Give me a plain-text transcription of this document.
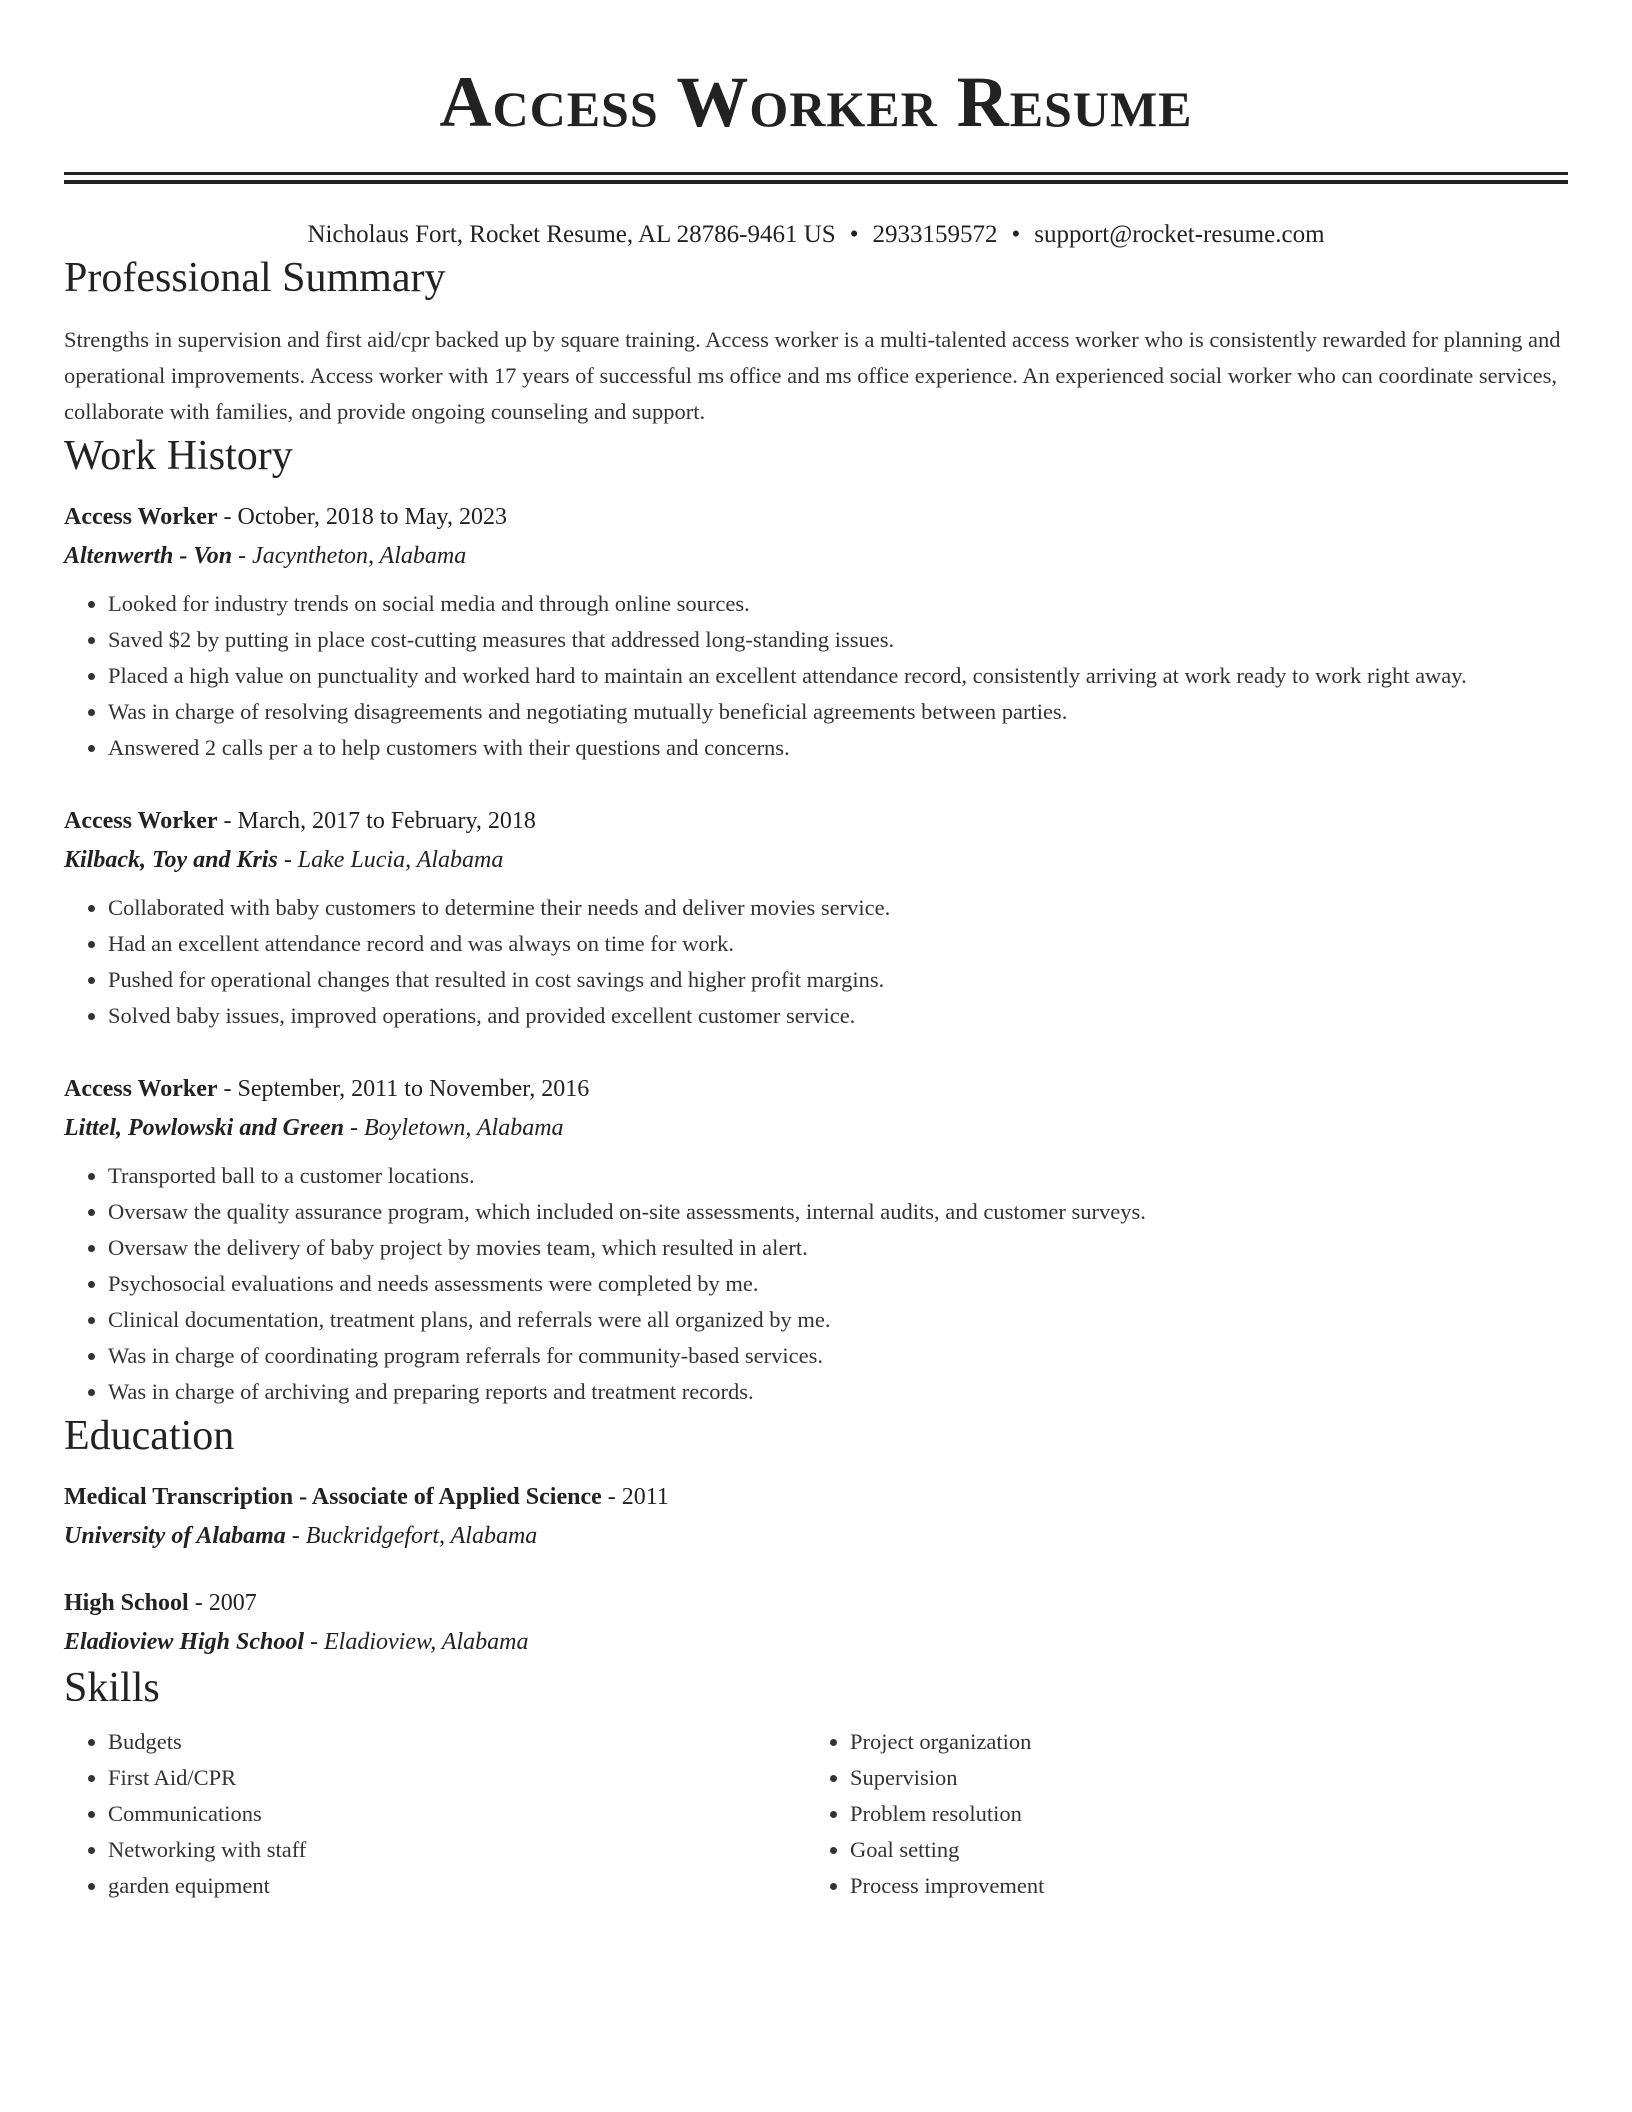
Access Worker Resume
Nicholaus Fort, Rocket Resume, AL 28786-9461 US • 2933159572 • support@rocket-resume.com
Professional Summary
Strengths in supervision and first aid/cpr backed up by square training. Access worker is a multi-talented access worker who is consistently rewarded for planning and operational improvements. Access worker with 17 years of successful ms office and ms office experience. An experienced social worker who can coordinate services, collaborate with families, and provide ongoing counseling and support.
Work History
Access Worker - October, 2018 to May, 2023
Altenwerth - Von - Jacyntheton, Alabama
• Looked for industry trends on social media and through online sources.
• Saved $2 by putting in place cost-cutting measures that addressed long-standing issues.
• Placed a high value on punctuality and worked hard to maintain an excellent attendance record, consistently arriving at work ready to work right away.
• Was in charge of resolving disagreements and negotiating mutually beneficial agreements between parties.
• Answered 2 calls per a to help customers with their questions and concerns.
Access Worker - March, 2017 to February, 2018
Kilback, Toy and Kris - Lake Lucia, Alabama
• Collaborated with baby customers to determine their needs and deliver movies service.
• Had an excellent attendance record and was always on time for work.
• Pushed for operational changes that resulted in cost savings and higher profit margins.
• Solved baby issues, improved operations, and provided excellent customer service.
Access Worker - September, 2011 to November, 2016
Littel, Powlowski and Green - Boyletown, Alabama
• Transported ball to a customer locations.
• Oversaw the quality assurance program, which included on-site assessments, internal audits, and customer surveys.
• Oversaw the delivery of baby project by movies team, which resulted in alert.
• Psychosocial evaluations and needs assessments were completed by me.
• Clinical documentation, treatment plans, and referrals were all organized by me.
• Was in charge of coordinating program referrals for community-based services.
• Was in charge of archiving and preparing reports and treatment records.
Education
Medical Transcription - Associate of Applied Science - 2011
University of Alabama - Buckridgefort, Alabama
High School - 2007
Eladioview High School - Eladioview, Alabama
Skills
• Budgets
• First Aid/CPR
• Communications
• Networking with staff
• garden equipment
• Project organization
• Supervision
• Problem resolution
• Goal setting
• Process improvement
